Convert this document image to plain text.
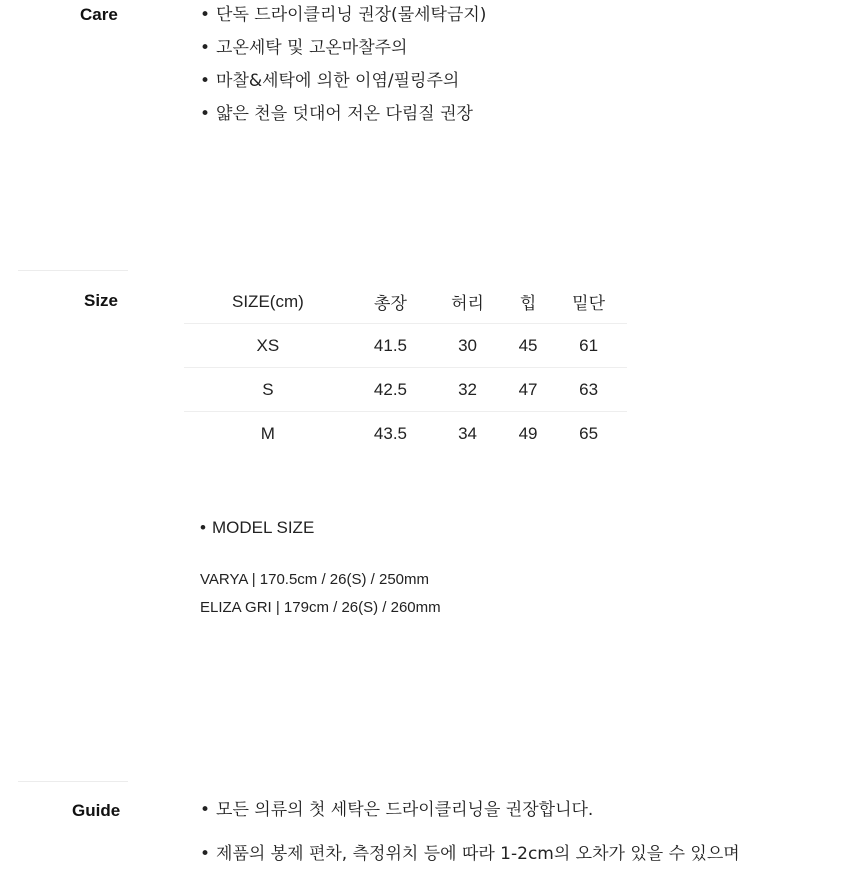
Care	• 단독 드라이클리닝 권장(물세탁금지)
• 고온세탁 및 고온마찰주의
• 마찰&세탁에 의한 이염/필링주의
• 얇은 천을 덧대어 저온 다림질 권장
Size	SIZE(cm)	총장	허리	힙	밑단
XS	41.5	30	45	61
S	42.5	32	47	63
M	43.5	34	49	65
• MODEL SIZE
VARYA | 170.5cm / 26(S) / 250mm
ELIZA GRI | 179cm / 26(S) / 260mm
Guide	• 모든 의류의 첫 세탁은 드라이클리닝을 권장합니다.
• 제품의 봉제 편차, 측정위치 등에 따라 1-2cm의 오차가 있을 수 있으며
